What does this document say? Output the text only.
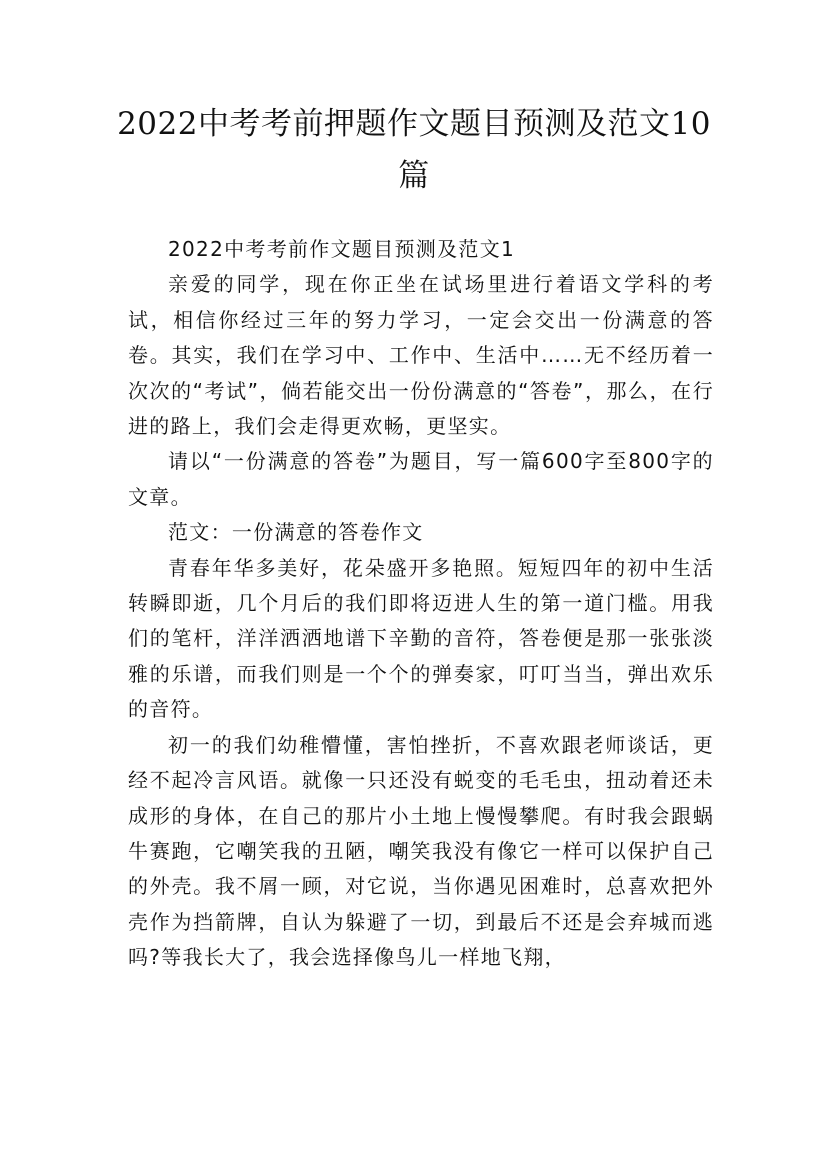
2022中考考前押题作文题目预测及范文10篇

2022中考考前作文题目预测及范文1

亲爱的同学，现在你正坐在试场里进行着语文学科的考试，相信你经过三年的努力学习，一定会交出一份满意的答卷。其实，我们在学习中、工作中、生活中……无不经历着一次次的“考试”，倘若能交出一份份满意的“答卷”，那么，在行进的路上，我们会走得更欢畅，更坚实。

请以“一份满意的答卷”为题目，写一篇600字至800字的文章。

范文：一份满意的答卷作文

青春年华多美好，花朵盛开多艳照。短短四年的初中生活转瞬即逝，几个月后的我们即将迈进人生的第一道门槛。用我们的笔杆，洋洋洒洒地谱下辛勤的音符，答卷便是那一张张淡雅的乐谱，而我们则是一个个的弹奏家，叮叮当当，弹出欢乐的音符。

初一的我们幼稚懵懂，害怕挫折，不喜欢跟老师谈话，更经不起冷言风语。就像一只还没有蜕变的毛毛虫，扭动着还未成形的身体，在自己的那片小土地上慢慢攀爬。有时我会跟蜗牛赛跑，它嘲笑我的丑陋，嘲笑我没有像它一样可以保护自己的外壳。我不屑一顾，对它说，当你遇见困难时，总喜欢把外壳作为挡箭牌，自认为躲避了一切，到最后不还是会弃城而逃吗?等我长大了，我会选择像鸟儿一样地飞翔，
